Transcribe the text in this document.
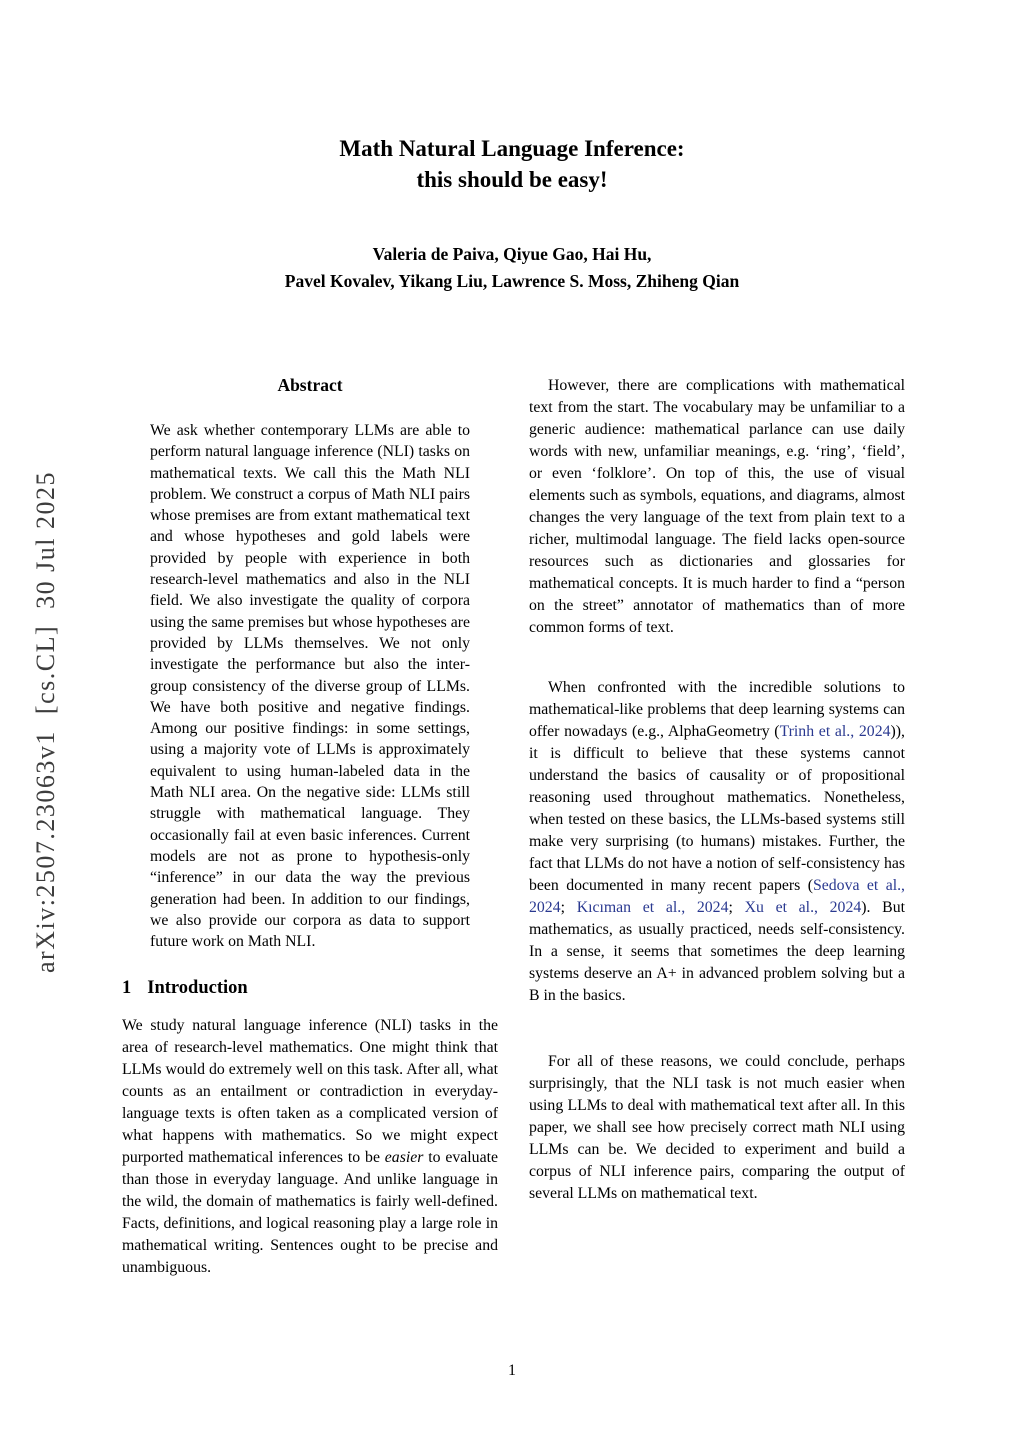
arXiv:2507.23063v1  [cs.CL]  30 Jul 2025
Math Natural Language Inference:
this should be easy!
Valeria de Paiva, Qiyue Gao, Hai Hu,
Pavel Kovalev, Yikang Liu, Lawrence S. Moss, Zhiheng Qian
Abstract

We ask whether contemporary LLMs are able to perform natural language inference (NLI) tasks on mathematical texts. We call this the Math NLI problem. We construct a corpus of Math NLI pairs whose premises are from extant mathematical text and whose hypotheses and gold labels were provided by people with experience in both research-level mathematics and also in the NLI field. We also investigate the quality of corpora using the same premises but whose hypotheses are provided by LLMs themselves. We not only investigate the performance but also the inter-group consistency of the diverse group of LLMs. We have both positive and negative findings. Among our positive findings: in some settings, using a majority vote of LLMs is approximately equivalent to using human-labeled data in the Math NLI area. On the negative side: LLMs still struggle with mathematical language. They occasionally fail at even basic inferences. Current models are not as prone to hypothesis-only “inference” in our data the way the previous generation had been. In addition to our findings, we also provide our corpora as data to support future work on Math NLI.

1 Introduction

We study natural language inference (NLI) tasks in the area of research-level mathematics. One might think that LLMs would do extremely well on this task. After all, what counts as an entailment or contradiction in everyday-language texts is often taken as a complicated version of what happens with mathematics. So we might expect purported mathematical inferences to be easier to evaluate than those in everyday language. And unlike language in the wild, the domain of mathematics is fairly well-defined. Facts, definitions, and logical reasoning play a large role in mathematical writing. Sentences ought to be precise and unambiguous.

However, there are complications with mathematical text from the start. The vocabulary may be unfamiliar to a generic audience: mathematical parlance can use daily words with new, unfamiliar meanings, e.g. ‘ring’, ‘field’, or even ‘folklore’. On top of this, the use of visual elements such as symbols, equations, and diagrams, almost changes the very language of the text from plain text to a richer, multimodal language. The field lacks open-source resources such as dictionaries and glossaries for mathematical concepts. It is much harder to find a “person on the street” annotator of mathematics than of more common forms of text.

When confronted with the incredible solutions to mathematical-like problems that deep learning systems can offer nowadays (e.g., AlphaGeometry (Trinh et al., 2024)), it is difficult to believe that these systems cannot understand the basics of causality or of propositional reasoning used throughout mathematics. Nonetheless, when tested on these basics, the LLMs-based systems still make very surprising (to humans) mistakes. Further, the fact that LLMs do not have a notion of self-consistency has been documented in many recent papers (Sedova et al., 2024; Kıcıman et al., 2024; Xu et al., 2024). But mathematics, as usually practiced, needs self-consistency. In a sense, it seems that sometimes the deep learning systems deserve an A+ in advanced problem solving but a B in the basics.

For all of these reasons, we could conclude, perhaps surprisingly, that the NLI task is not much easier when using LLMs to deal with mathematical text after all. In this paper, we shall see how precisely correct math NLI using LLMs can be. We decided to experiment and build a corpus of NLI inference pairs, comparing the output of several LLMs on mathematical text.

1
